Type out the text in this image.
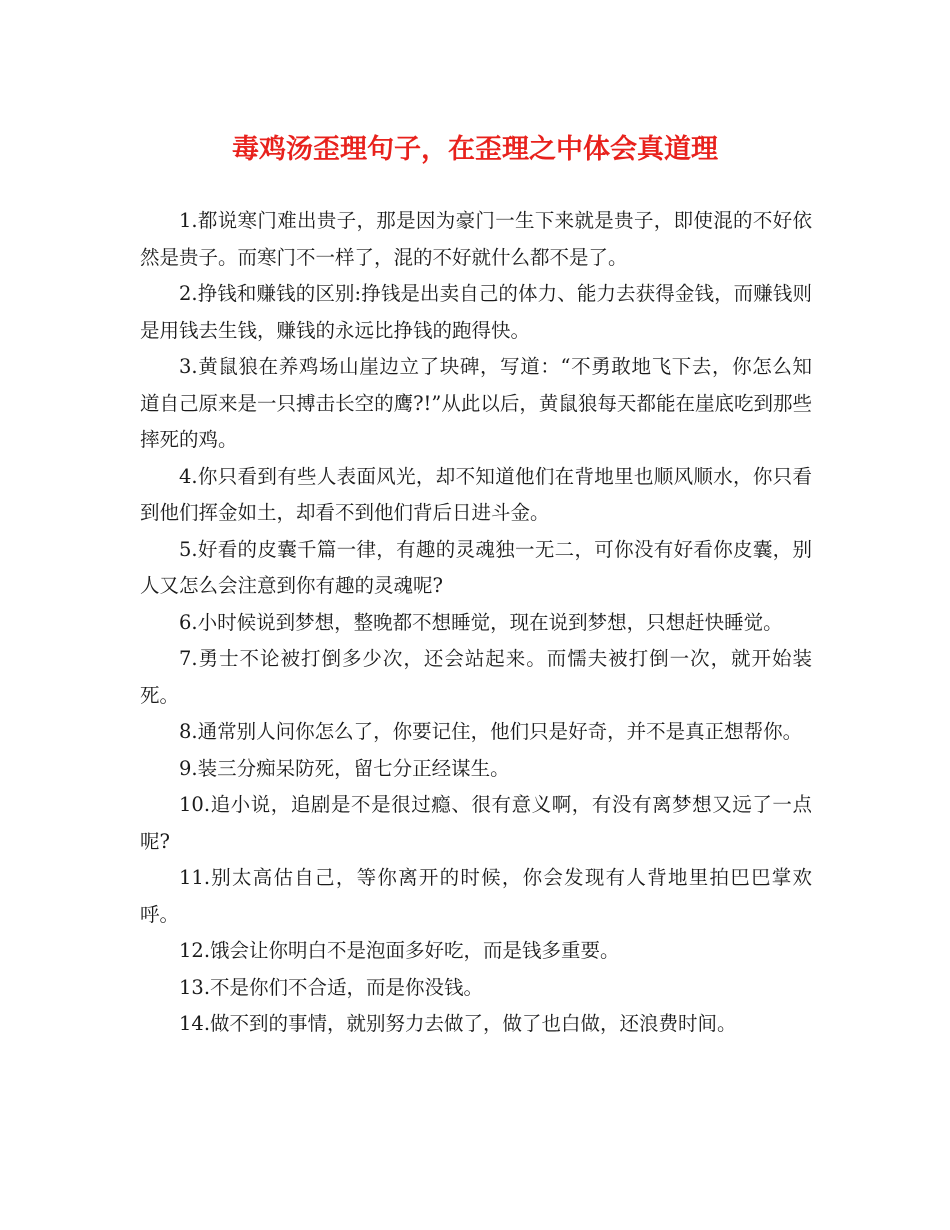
毒鸡汤歪理句子，在歪理之中体会真道理

1.都说寒门难出贵子，那是因为豪门一生下来就是贵子，即使混的不好依然是贵子。而寒门不一样了，混的不好就什么都不是了。

2.挣钱和赚钱的区别:挣钱是出卖自己的体力、能力去获得金钱，而赚钱则是用钱去生钱，赚钱的永远比挣钱的跑得快。

3.黄鼠狼在养鸡场山崖边立了块碑，写道：“不勇敢地飞下去，你怎么知道自己原来是一只搏击长空的鹰?!”从此以后，黄鼠狼每天都能在崖底吃到那些摔死的鸡。

4.你只看到有些人表面风光，却不知道他们在背地里也顺风顺水，你只看到他们挥金如土，却看不到他们背后日进斗金。

5.好看的皮囊千篇一律，有趣的灵魂独一无二，可你没有好看你皮囊，别人又怎么会注意到你有趣的灵魂呢?

6.小时候说到梦想，整晚都不想睡觉，现在说到梦想，只想赶快睡觉。

7.勇士不论被打倒多少次，还会站起来。而懦夫被打倒一次，就开始装死。

8.通常别人问你怎么了，你要记住，他们只是好奇，并不是真正想帮你。

9.装三分痴呆防死，留七分正经谋生。

10.追小说，追剧是不是很过瘾、很有意义啊，有没有离梦想又远了一点呢?

11.别太高估自己，等你离开的时候，你会发现有人背地里拍巴巴掌欢呼。

12.饿会让你明白不是泡面多好吃，而是钱多重要。

13.不是你们不合适，而是你没钱。

14.做不到的事情，就别努力去做了，做了也白做，还浪费时间。
